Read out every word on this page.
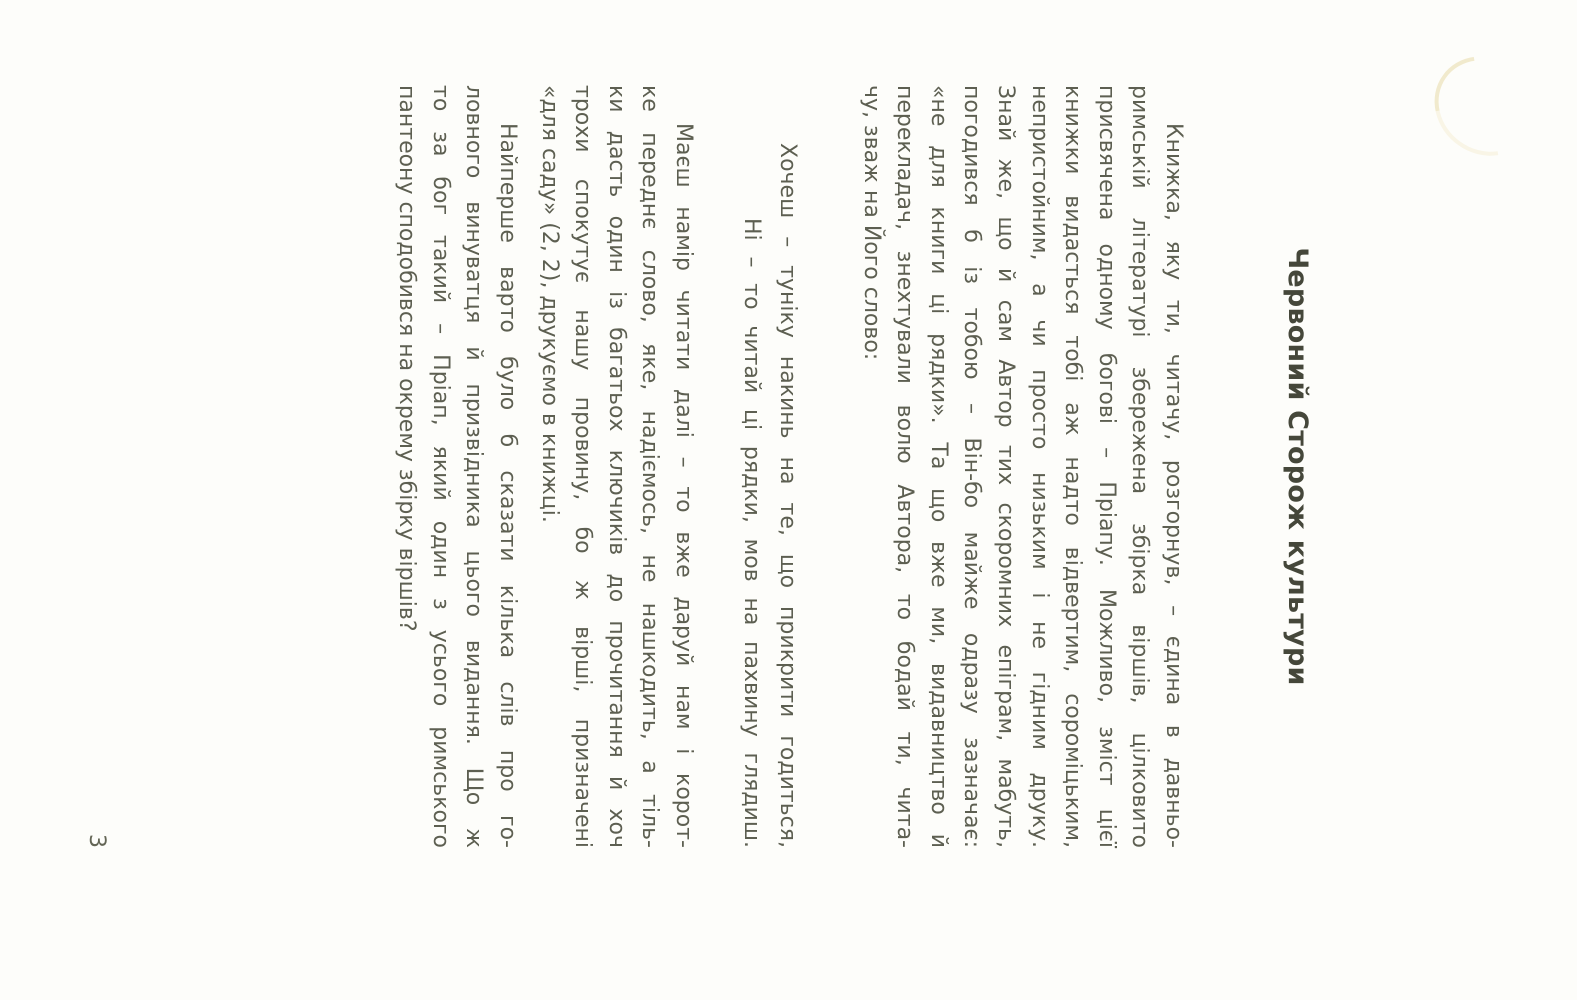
Червоний Сторож культури
Книжка, яку ти, читачу, розгорнув, – єдина в давньо-
римській літературі збережена збірка віршів, цілковито
присвячена одному богові – Пріапу. Можливо, зміст цієї
книжки видасться тобі аж надто відвертим, сороміцьким,
непристойним, а чи просто низьким і не гідним друку.
Знай же, що й сам Автор тих скоромних епіграм, мабуть,
погодився б із тобою – Він-бо майже одразу зазначає:
«не для книги ці рядки». Та що вже ми, видавництво й
перекладач, знехтували волю Автора, то бодай ти, чита-
чу, зваж на Його слово:
Хочеш – туніку накинь на те, що прикрити годиться,
Ні – то читай ці рядки, мов на пахвину глядиш.
Маєш намір читати далі – то вже даруй нам і корот-
ке переднє слово, яке, надіємось, не нашкодить, а тіль-
ки дасть один із багатьох ключиків до прочитання й хоч
трохи спокутує нашу провину, бо ж вірші, призначені
«для саду» (2, 2), друкуємо в книжці.
Найперше варто було б сказати кілька слів про го-
ловного винуватця й призвідника цього видання. Що ж
то за бог такий – Пріап, який один з усього римського
пантеону сподобився на окрему збірку віршів?
3
